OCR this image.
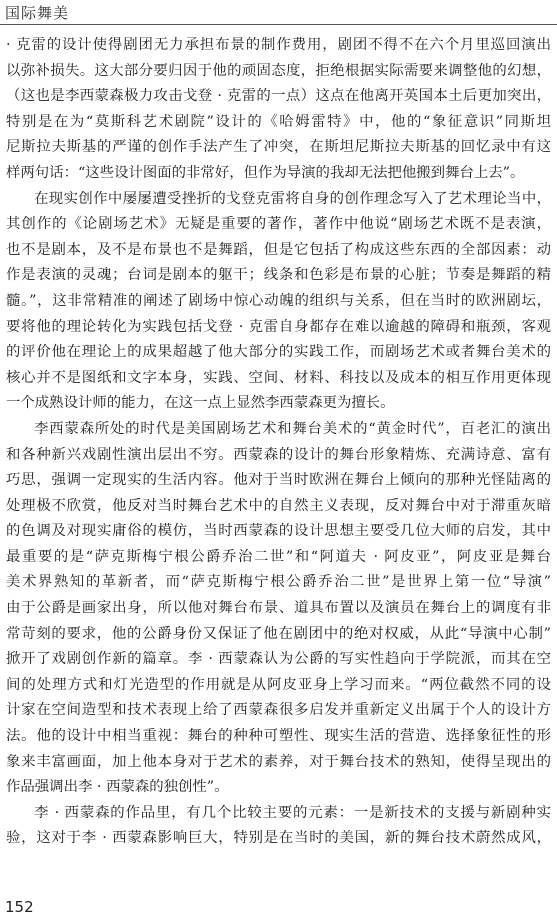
国际舞美
· 克雷的设计使得剧团无力承担布景的制作费用，剧团不得不在六个月里巡回演出
以弥补损失。这大部分要归因于他的顽固态度，拒绝根据实际需要来调整他的幻想，
（这也是李西蒙森极力攻击戈登 · 克雷的一点）这点在他离开英国本土后更加突出，
特别是在为“莫斯科艺术剧院”设计的《哈姆雷特》中，他的“象征意识”同斯坦
尼斯拉夫斯基的严谨的创作手法产生了冲突，在斯坦尼斯拉夫斯基的回忆录中有这
样两句话：“这些设计图面的非常好，但作为导演的我却无法把他搬到舞台上去”。
在现实创作中屡屡遭受挫折的戈登克雷将自身的创作理念写入了艺术理论当中，
其创作的《论剧场艺术》无疑是重要的著作，著作中他说“剧场艺术既不是表演，
也不是剧本，及不是布景也不是舞蹈，但是它包括了构成这些东西的全部因素：动
作是表演的灵魂；台词是剧本的躯干；线条和色彩是布景的心脏；节奏是舞蹈的精
髓。”，这非常精准的阐述了剧场中惊心动魄的组织与关系，但在当时的欧洲剧坛，
要将他的理论转化为实践包括戈登 · 克雷自身都存在难以逾越的障碍和瓶颈，客观
的评价他在理论上的成果超越了他大部分的实践工作，而剧场艺术或者舞台美术的
核心并不是图纸和文字本身，实践、空间、材料、科技以及成本的相互作用更体现
一个成熟设计师的能力，在这一点上显然李西蒙森更为擅长。
李西蒙森所处的时代是美国剧场艺术和舞台美术的“黄金时代”，百老汇的演出
和各种新兴戏剧性演出层出不穷。西蒙森的设计的舞台形象精炼、充满诗意、富有
巧思，强调一定现实的生活内容。他对于当时欧洲在舞台上倾向的那种光怪陆离的
处理极不欣赏，他反对当时舞台艺术中的自然主义表现，反对舞台中对于滞重灰暗
的色调及对现实庸俗的模仿，当时西蒙森的设计思想主要受几位大师的启发，其中
最重要的是“萨克斯梅宁根公爵乔治二世”和“阿道夫 · 阿皮亚”，阿皮亚是舞台
美术界熟知的革新者，而“萨克斯梅宁根公爵乔治二世”是世界上第一位“导演”
由于公爵是画家出身，所以他对舞台布景、道具布置以及演员在舞台上的调度有非
常苛刻的要求，他的公爵身份又保证了他在剧团中的绝对权威，从此“导演中心制”
掀开了戏剧创作新的篇章。李 · 西蒙森认为公爵的写实性趋向于学院派，而其在空
间的处理方式和灯光造型的作用就是从阿皮亚身上学习而来。“两位截然不同的设
计家在空间造型和技术表现上给了西蒙森很多启发并重新定义出属于个人的设计方
法。他的设计中相当重视：舞台的种种可塑性、现实生活的营造、选择象征性的形
象来丰富画面，加上他本身对于艺术的素养，对于舞台技术的熟知，使得呈现出的
作品强调出李 · 西蒙森的独创性”。
李 · 西蒙森的作品里，有几个比较主要的元素：一是新技术的支援与新剧种实
验，这对于李 · 西蒙森影响巨大，特别是在当时的美国，新的舞台技术蔚然成风，
152
